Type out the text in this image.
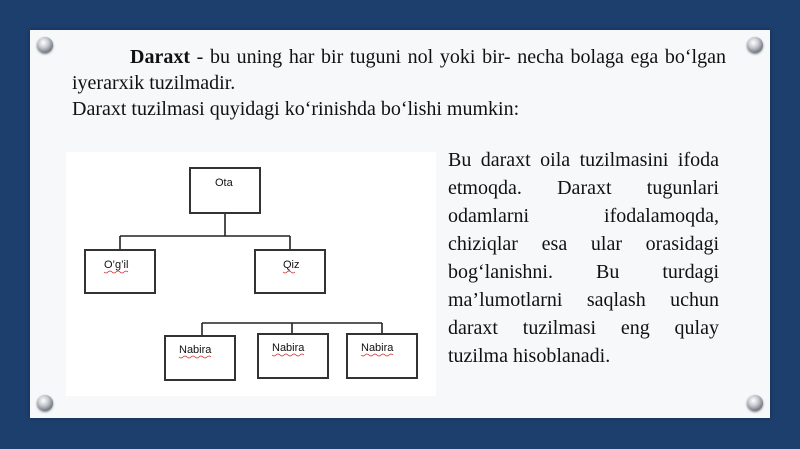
Daraxt - bu uning har bir tuguni nol yoki bir- necha bolaga ega bo‘lgan iyerarxik tuzilmadir.
Daraxt tuzilmasi quyidagi ko‘rinishda bo‘lishi mumkin:
Ota
O’g’il	Qiz
Nabira	Nabira	Nabira
Bu daraxt oila tuzilmasini ifoda etmoqda. Daraxt tugunlari odamlarni ifodalamoqda, chiziqlar esa ular orasidagi bog‘lanishni. Bu turdagi ma’lumotlarni saqlash uchun daraxt tuzilmasi eng qulay tuzilma hisoblanadi.
